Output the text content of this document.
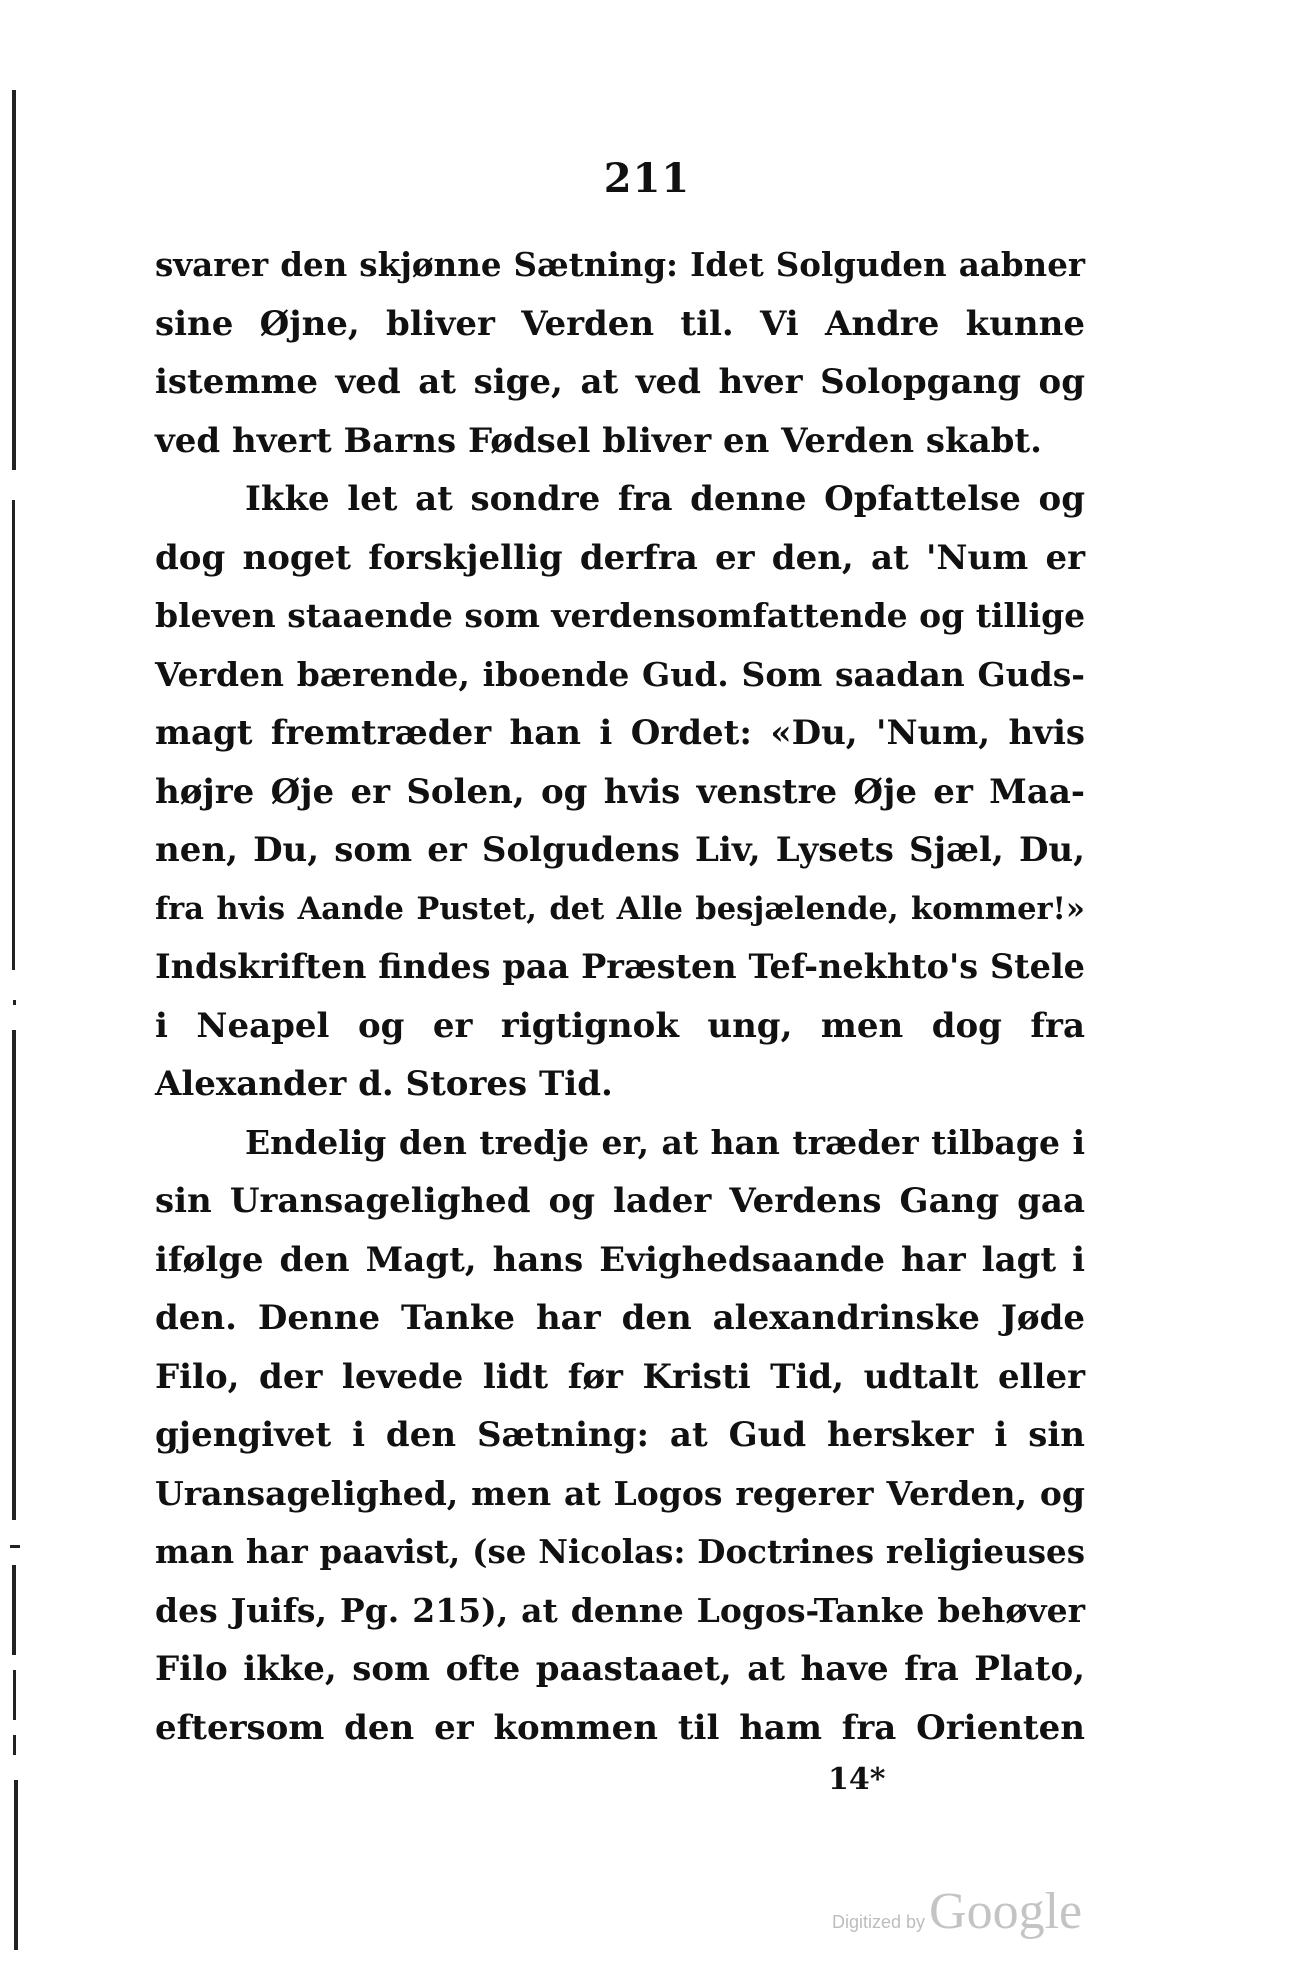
211
svarer den skjønne Sætning: Idet Solguden aabner
sine Øjne, bliver Verden til. Vi Andre kunne
istemme ved at sige, at ved hver Solopgang og
ved hvert Barns Fødsel bliver en Verden skabt.
Ikke let at sondre fra denne Opfattelse og
dog noget forskjellig derfra er den, at 'Num er
bleven staaende som verdensomfattende og tillige
Verden bærende, iboende Gud. Som saadan Guds-
magt fremtræder han i Ordet: «Du, 'Num, hvis
højre Øje er Solen, og hvis venstre Øje er Maa-
nen, Du, som er Solgudens Liv, Lysets Sjæl, Du,
fra hvis Aande Pustet, det Alle besjælende, kommer!»
Indskriften findes paa Præsten Tef-nekhto's Stele
i Neapel og er rigtignok ung, men dog fra
Alexander d. Stores Tid.
Endelig den tredje er, at han træder tilbage i
sin Uransagelighed og lader Verdens Gang gaa
ifølge den Magt, hans Evighedsaande har lagt i
den. Denne Tanke har den alexandrinske Jøde
Filo, der levede lidt før Kristi Tid, udtalt eller
gjengivet i den Sætning: at Gud hersker i sin
Uransagelighed, men at Logos regerer Verden, og
man har paavist, (se Nicolas: Doctrines religieuses
des Juifs, Pg. 215), at denne Logos-Tanke behøver
Filo ikke, som ofte paastaaet, at have fra Plato,
eftersom den er kommen til ham fra Orienten
14*
Digitized by Google
